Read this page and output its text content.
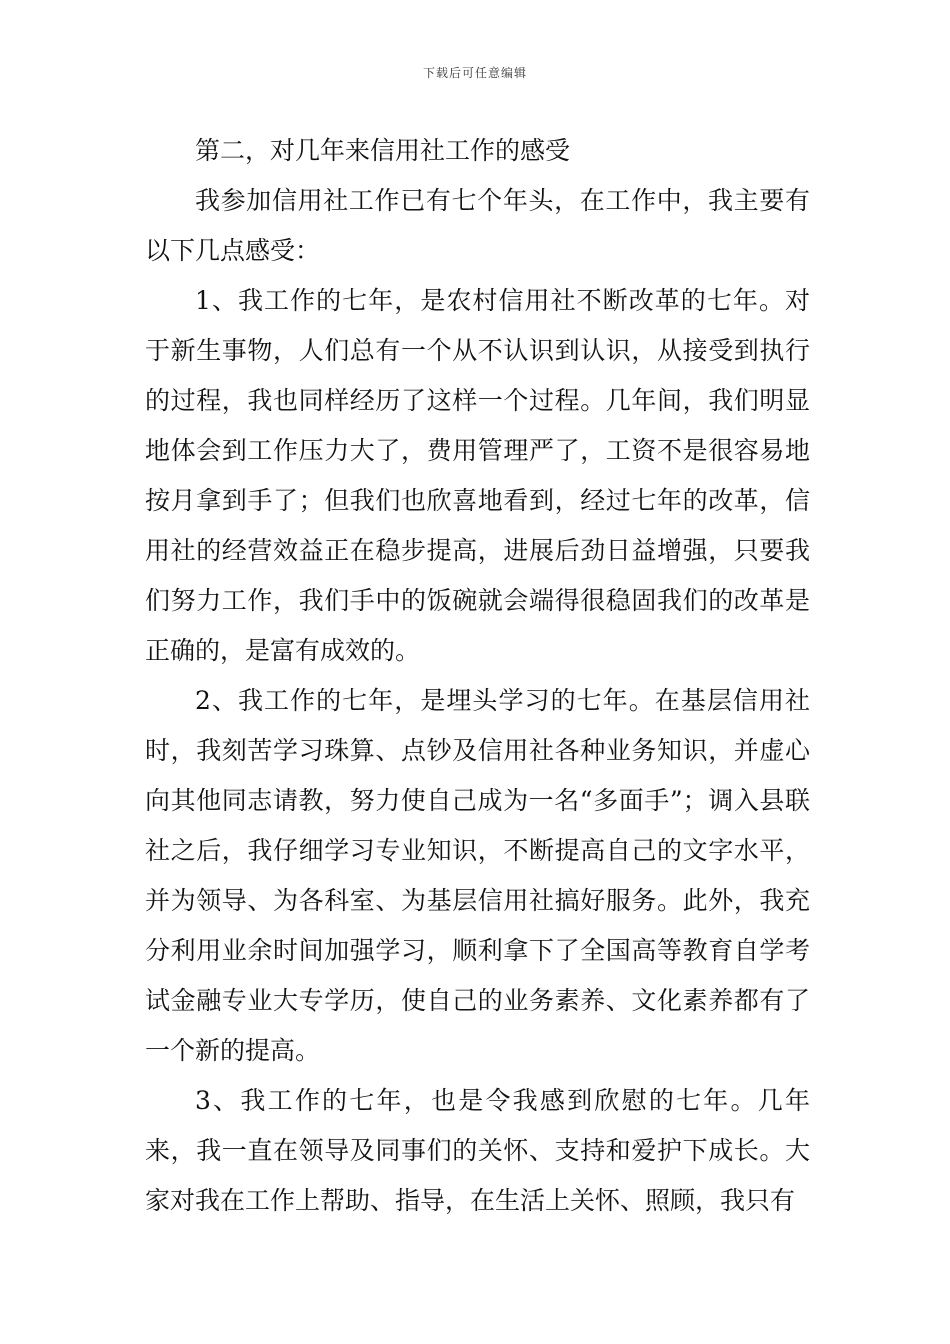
下载后可任意编辑

第二，对几年来信用社工作的感受

我参加信用社工作已有七个年头，在工作中，我主要有以下几点感受：

1、我工作的七年，是农村信用社不断改革的七年。对于新生事物，人们总有一个从不认识到认识，从接受到执行的过程，我也同样经历了这样一个过程。几年间，我们明显地体会到工作压力大了，费用管理严了，工资不是很容易地按月拿到手了；但我们也欣喜地看到，经过七年的改革，信用社的经营效益正在稳步提高，进展后劲日益增强，只要我们努力工作，我们手中的饭碗就会端得很稳固我们的改革是正确的，是富有成效的。

2、我工作的七年，是埋头学习的七年。在基层信用社时，我刻苦学习珠算、点钞及信用社各种业务知识，并虚心向其他同志请教，努力使自己成为一名“多面手”；调入县联社之后，我仔细学习专业知识，不断提高自己的文字水平，并为领导、为各科室、为基层信用社搞好服务。此外，我充分利用业余时间加强学习，顺利拿下了全国高等教育自学考试金融专业大专学历，使自己的业务素养、文化素养都有了一个新的提高。

3、我工作的七年，也是令我感到欣慰的七年。几年来，我一直在领导及同事们的关怀、支持和爱护下成长。大家对我在工作上帮助、指导，在生活上关怀、照顾，我只有
